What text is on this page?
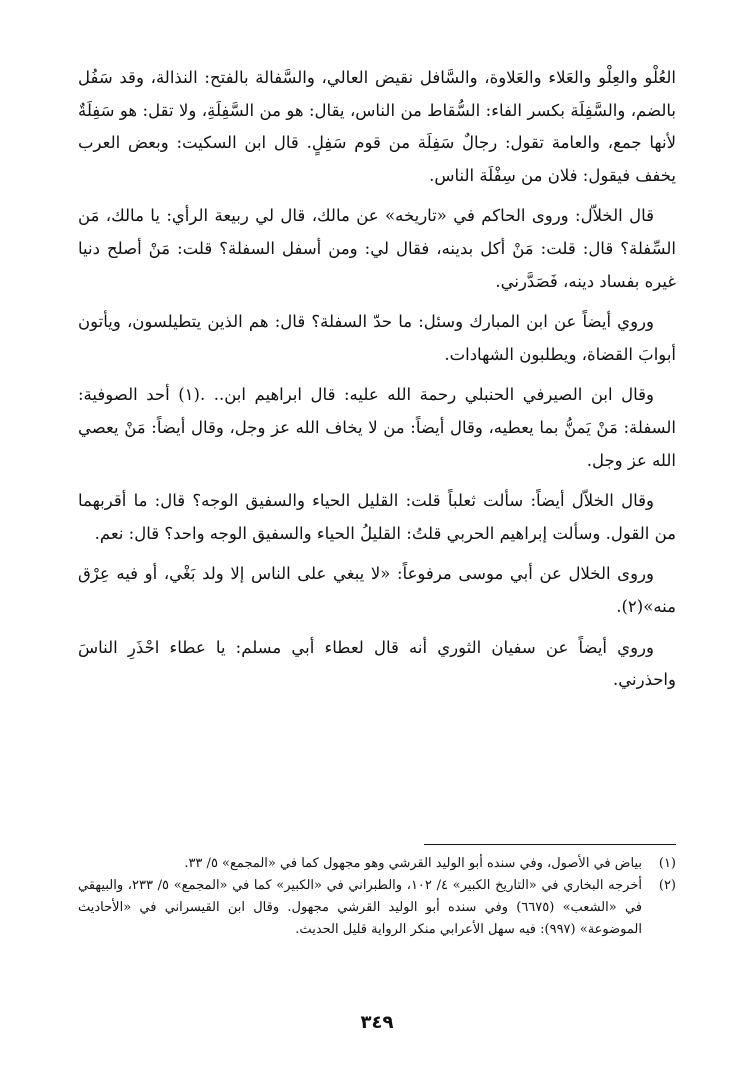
العُلْو والعِلْو والعَلاء والعَلاوة، والسَّافل نقيض العالي، والسَّفالة بالفتح: النذالة، وقد سَفُل بالضم، والسَّفِلَة بكسر الفاء: السُّقاط من الناس، يقال: هو من السَّفِلَةِ، ولا تقل: هو سَفِلَةٌ لأنها جمع، والعامة تقول: رجالٌ سَفِلَة من قوم سَفِلٍ. قال ابن السكيت: وبعض العرب يخفف فيقول: فلان من سِفْلَة الناس.

قال الخلاّل: وروى الحاكم في «تاريخه» عن مالك، قال لي ربيعة الرأي: يا مالك، مَن السِّفلة؟ قال: قلت: مَنْ أكل بدينه، فقال لي: ومن أسفل السفلة؟ قلت: مَنْ أصلح دنيا غيره بفساد دينه، فَصَدَّرني.

وروي أيضاً عن ابن المبارك وسئل: ما حدّ السفلة؟ قال: هم الذين يتطيلسون، ويأتون أبوابَ القضاة، ويطلبون الشهادات.

وقال ابن الصيرفي الحنبلي رحمة الله عليه: قال ابراهيم ابن.. .(١) أحد الصوفية: السفلة: مَنْ يَمنُّ بما يعطيه، وقال أيضاً: من لا يخاف الله عز وجل، وقال أيضاً: مَنْ يعصي الله عز وجل.

وقال الخلاّل أيضاً: سألت ثعلباً قلت: القليل الحياء والسفيق الوجه؟ قال: ما أقربهما من القول. وسألت إبراهيم الحربي قلتُ: القليلُ الحياء والسفيق الوجه واحد؟ قال: نعم.

وروى الخلال عن أبي موسى مرفوعاً: «لا يبغي على الناس إلا ولد بَغْي، أو فيه عِرْق منه»(٢).

وروي أيضاً عن سفيان الثوري أنه قال لعطاء أبي مسلم: يا عطاء احْذَرِ الناسَ واحذرني.

(١)
بياض في الأصول، وفي سنده أبو الوليد القرشي وهو مجهول كما في «المجمع» ٥/ ٣٣.
(٢)
أخرجه البخاري في «التاريخ الكبير» ٤/ ١٠٢، والطبراني في «الكبير» كما في «المجمع» ٥/ ٢٣٣، والبيهقي في «الشعب» (٦٦٧٥) وفي سنده أبو الوليد القرشي مجهول. وقال ابن القيسراني في «الأحاديث الموضوعة» (٩٩٧): فيه سهل الأعرابي منكر الرواية قليل الحديث.
٣٤٩
